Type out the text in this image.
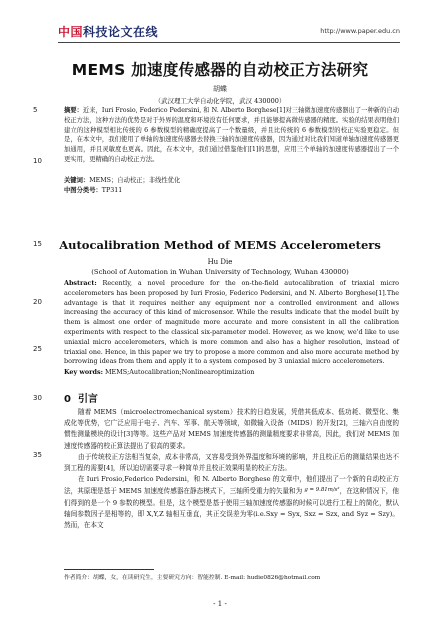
中国科技论文在线	http://www.paper.edu.cn
MEMS 加速度传感器的自动校正方法研究
胡蝶
（武汉理工大学自动化学院，武汉 430000）
摘要：近来，Iuri Frosio, Federico Pedersini, 和 N. Alberto Borghese[1]对三轴微加速度传感器出了一种新的自动校正方法，这种方法的优势是对于外界的温度和环境没有任何要求，并且能够提高微传感器的精度。实验的结果表明他们建立的这种模型相比传统的 6 参数模型的精确度提高了一个数量级，并且比传统的 6 参数模型的校正实验更稳定。但是，在本文中，我们使用了单轴的加速度传感器去替换三轴的加速度传感器，因为通过对比我们知道单轴加速度传感器更加通用，并且灵敏度也更高。因此，在本文中，我们通过借鉴他们[1]的思想，应用三个单轴的加速度传感器提出了一个更实用，更精确的自动校正方法。
关键词：MEMS；自动校正；非线性优化
中图分类号：TP311
Autocalibration Method of MEMS Accelerometers
Hu Die
(School of Automation in Wuhan University of Technology, Wuhan 430000)
Abstract: Recently, a novel procedure for the on-the-field autocalibration of triaxial micro accelerometers has been proposed by Iuri Frosio, Federico Pedersini, and N. Alberto Borghese[1].The advantage is that it requires neither any equipment nor a controlled environment and allows increasing the accuracy of this kind of microsensor. While the results indicate that the model built by them is almost one order of magnitude more accurate and more consistent in all the calibration experiments with respect to the classical six-parameter model. However, as we know, we'd like to use uniaxial micro accelerometers, which is more common and also has a higher resolution, instead of triaxial one. Hence, in this paper we try to propose a more common and also more accurate method by borrowing ideas from them and apply it to a system composed by 3 uniaxial micro accelerometers.
Key words: MEMS;Autocalibration;Nonlinearoptimization
0 引言

随着 MEMS（microelectromechanical system）技术的日趋发展，凭借其低成本、低功耗、微型化、集成化等优势，它广泛应用于电子、汽车、军事、航天等领域，如微输入设备（MIDS）的开发[2]，三轴六自由度的惯性测量模块的设计[3]等等。这些产品对 MEMS 加速度传感器的测量精度要求非常高，因此，我们对 MEMS 加速度传感器的校正算法提出了很高的要求。

由于传统校正方法相当复杂，成本非常高，又容易受到外界温度和环境的影响，并且校正后的测量结果也达不到工程的需要[4]，所以迫切需要寻求一种简单并且校正效果明显的校正方法。

在 Iuri Frosio,Federico Pedersini，和 N. Alberto Borghese 的文章中，他们提出了一个新的自动校正方法，其原理是基于 MEMS 加速度传感器在静态模式下，三轴所受重力的矢量和为 $^{g = 9.81m/s^2}$，在这种情况下，他们得到的是一个 9 参数的模型。但是，这个模型是基于使用三轴加速度传感器的时候可以进行工程上的简化，默认轴间参数因子是相等的，即 X,Y,Z 轴相互垂直，其正交误差为零(i.e.Sxy = Syx, Sxz = Szx, and Syz = Szy)。然而，在本文

作者简介：胡蝶，女，在读研究生，主要研究方向：智能控制. E-mail: hudie0826@hotmail.com
- 1 -
5
10
15
20
25
30
35
